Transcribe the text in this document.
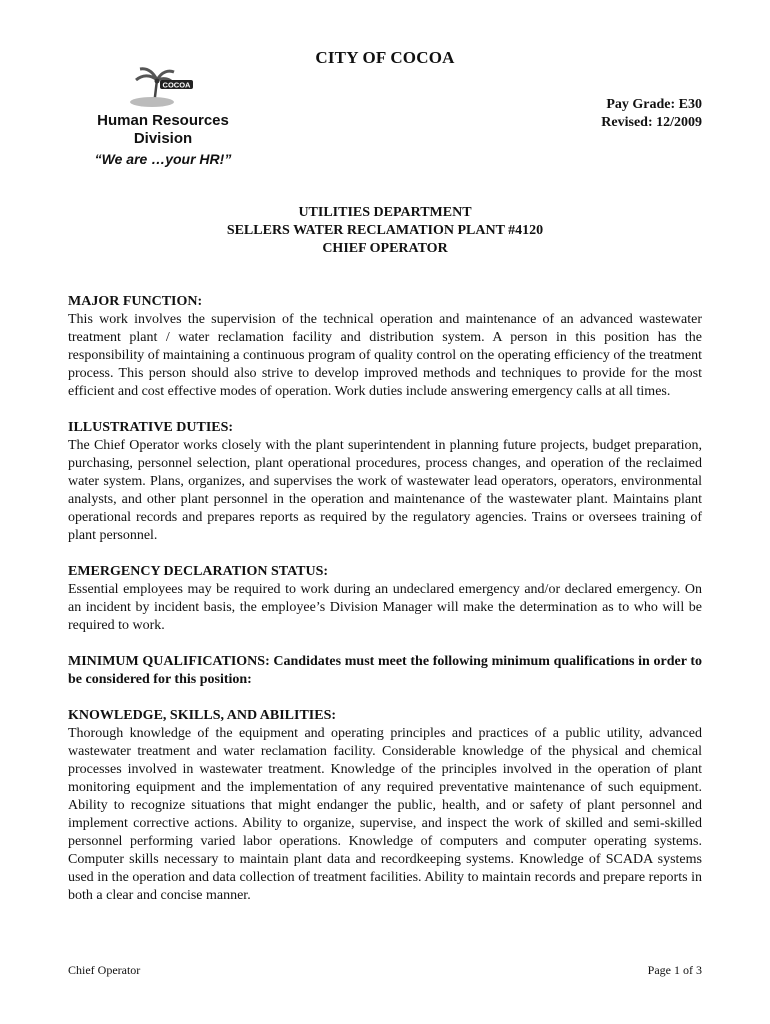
CITY OF COCOA
COCOA
Human Resources Division
“We are …your HR!”
Pay Grade: E30
Revised: 12/2009
UTILITIES DEPARTMENT
SELLERS WATER RECLAMATION PLANT #4120
CHIEF OPERATOR
MAJOR FUNCTION:

This work involves the supervision of the technical operation and maintenance of an advanced wastewater treatment plant / water reclamation facility and distribution system. A person in this position has the responsibility of maintaining a continuous program of quality control on the operating efficiency of the treatment process. This person should also strive to develop improved methods and techniques to provide for the most efficient and cost effective modes of operation. Work duties include answering emergency calls at all times.

ILLUSTRATIVE DUTIES:

The Chief Operator works closely with the plant superintendent in planning future projects, budget preparation, purchasing, personnel selection, plant operational procedures, process changes, and operation of the reclaimed water system. Plans, organizes, and supervises the work of wastewater lead operators, operators, environmental analysts, and other plant personnel in the operation and maintenance of the wastewater plant. Maintains plant operational records and prepares reports as required by the regulatory agencies. Trains or oversees training of plant personnel.

EMERGENCY DECLARATION STATUS:

Essential employees may be required to work during an undeclared emergency and/or declared emergency. On an incident by incident basis, the employee’s Division Manager will make the determination as to who will be required to work.

MINIMUM QUALIFICATIONS: Candidates must meet the following minimum qualifications in order to be considered for this position:

KNOWLEDGE, SKILLS, AND ABILITIES:

Thorough knowledge of the equipment and operating principles and practices of a public utility, advanced wastewater treatment and water reclamation facility. Considerable knowledge of the physical and chemical processes involved in wastewater treatment. Knowledge of the principles involved in the operation of plant monitoring equipment and the implementation of any required preventative maintenance of such equipment. Ability to recognize situations that might endanger the public, health, and or safety of plant personnel and implement corrective actions. Ability to organize, supervise, and inspect the work of skilled and semi-skilled personnel performing varied labor operations. Knowledge of computers and computer operating systems. Computer skills necessary to maintain plant data and recordkeeping systems. Knowledge of SCADA systems used in the operation and data collection of treatment facilities. Ability to maintain records and prepare reports in both a clear and concise manner.

Chief Operator	Page 1 of 3
